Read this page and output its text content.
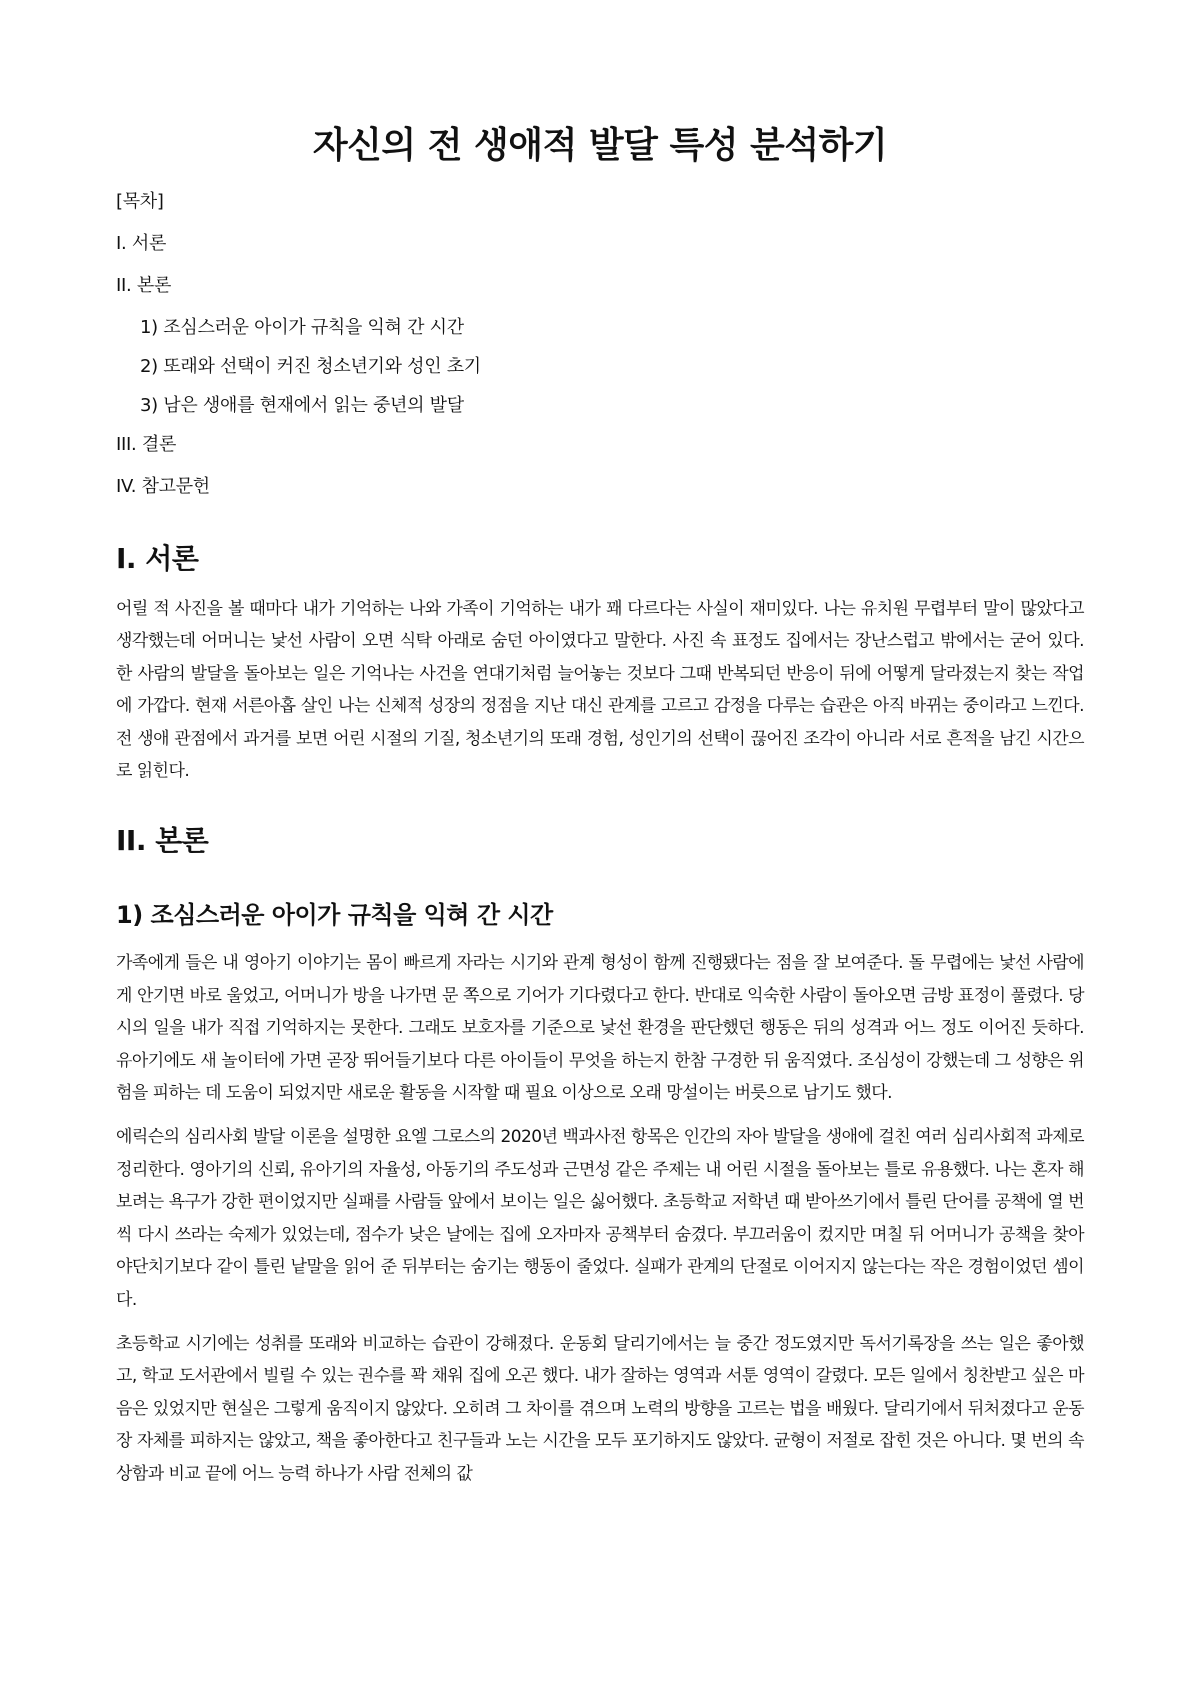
자신의 전 생애적 발달 특성 분석하기
[목차]
I. 서론
II. 본론
1) 조심스러운 아이가 규칙을 익혀 간 시간
2) 또래와 선택이 커진 청소년기와 성인 초기
3) 남은 생애를 현재에서 읽는 중년의 발달
III. 결론
IV. 참고문헌
I. 서론

어릴 적 사진을 볼 때마다 내가 기억하는 나와 가족이 기억하는 내가 꽤 다르다는 사실이 재미있다. 나는 유치원 무렵부터 말이 많았다고 생각했는데 어머니는 낯선 사람이 오면 식탁 아래로 숨던 아이였다고 말한다. 사진 속 표정도 집에서는 장난스럽고 밖에서는 굳어 있다. 한 사람의 발달을 돌아보는 일은 기억나는 사건을 연대기처럼 늘어놓는 것보다 그때 반복되던 반응이 뒤에 어떻게 달라졌는지 찾는 작업에 가깝다. 현재 서른아홉 살인 나는 신체적 성장의 정점을 지난 대신 관계를 고르고 감정을 다루는 습관은 아직 바뀌는 중이라고 느낀다. 전 생애 관점에서 과거를 보면 어린 시절의 기질, 청소년기의 또래 경험, 성인기의 선택이 끊어진 조각이 아니라 서로 흔적을 남긴 시간으로 읽힌다.

II. 본론
1) 조심스러운 아이가 규칙을 익혀 간 시간

가족에게 들은 내 영아기 이야기는 몸이 빠르게 자라는 시기와 관계 형성이 함께 진행됐다는 점을 잘 보여준다. 돌 무렵에는 낯선 사람에게 안기면 바로 울었고, 어머니가 방을 나가면 문 쪽으로 기어가 기다렸다고 한다. 반대로 익숙한 사람이 돌아오면 금방 표정이 풀렸다. 당시의 일을 내가 직접 기억하지는 못한다. 그래도 보호자를 기준으로 낯선 환경을 판단했던 행동은 뒤의 성격과 어느 정도 이어진 듯하다. 유아기에도 새 놀이터에 가면 곧장 뛰어들기보다 다른 아이들이 무엇을 하는지 한참 구경한 뒤 움직였다. 조심성이 강했는데 그 성향은 위험을 피하는 데 도움이 되었지만 새로운 활동을 시작할 때 필요 이상으로 오래 망설이는 버릇으로 남기도 했다.

에릭슨의 심리사회 발달 이론을 설명한 요엘 그로스의 2020년 백과사전 항목은 인간의 자아 발달을 생애에 걸친 여러 심리사회적 과제로 정리한다. 영아기의 신뢰, 유아기의 자율성, 아동기의 주도성과 근면성 같은 주제는 내 어린 시절을 돌아보는 틀로 유용했다. 나는 혼자 해보려는 욕구가 강한 편이었지만 실패를 사람들 앞에서 보이는 일은 싫어했다. 초등학교 저학년 때 받아쓰기에서 틀린 단어를 공책에 열 번씩 다시 쓰라는 숙제가 있었는데, 점수가 낮은 날에는 집에 오자마자 공책부터 숨겼다. 부끄러움이 컸지만 며칠 뒤 어머니가 공책을 찾아 야단치기보다 같이 틀린 낱말을 읽어 준 뒤부터는 숨기는 행동이 줄었다. 실패가 관계의 단절로 이어지지 않는다는 작은 경험이었던 셈이다.

초등학교 시기에는 성취를 또래와 비교하는 습관이 강해졌다. 운동회 달리기에서는 늘 중간 정도였지만 독서기록장을 쓰는 일은 좋아했고, 학교 도서관에서 빌릴 수 있는 권수를 꽉 채워 집에 오곤 했다. 내가 잘하는 영역과 서툰 영역이 갈렸다. 모든 일에서 칭찬받고 싶은 마음은 있었지만 현실은 그렇게 움직이지 않았다. 오히려 그 차이를 겪으며 노력의 방향을 고르는 법을 배웠다. 달리기에서 뒤처졌다고 운동장 자체를 피하지는 않았고, 책을 좋아한다고 친구들과 노는 시간을 모두 포기하지도 않았다. 균형이 저절로 잡힌 것은 아니다. 몇 번의 속상함과 비교 끝에 어느 능력 하나가 사람 전체의 값
